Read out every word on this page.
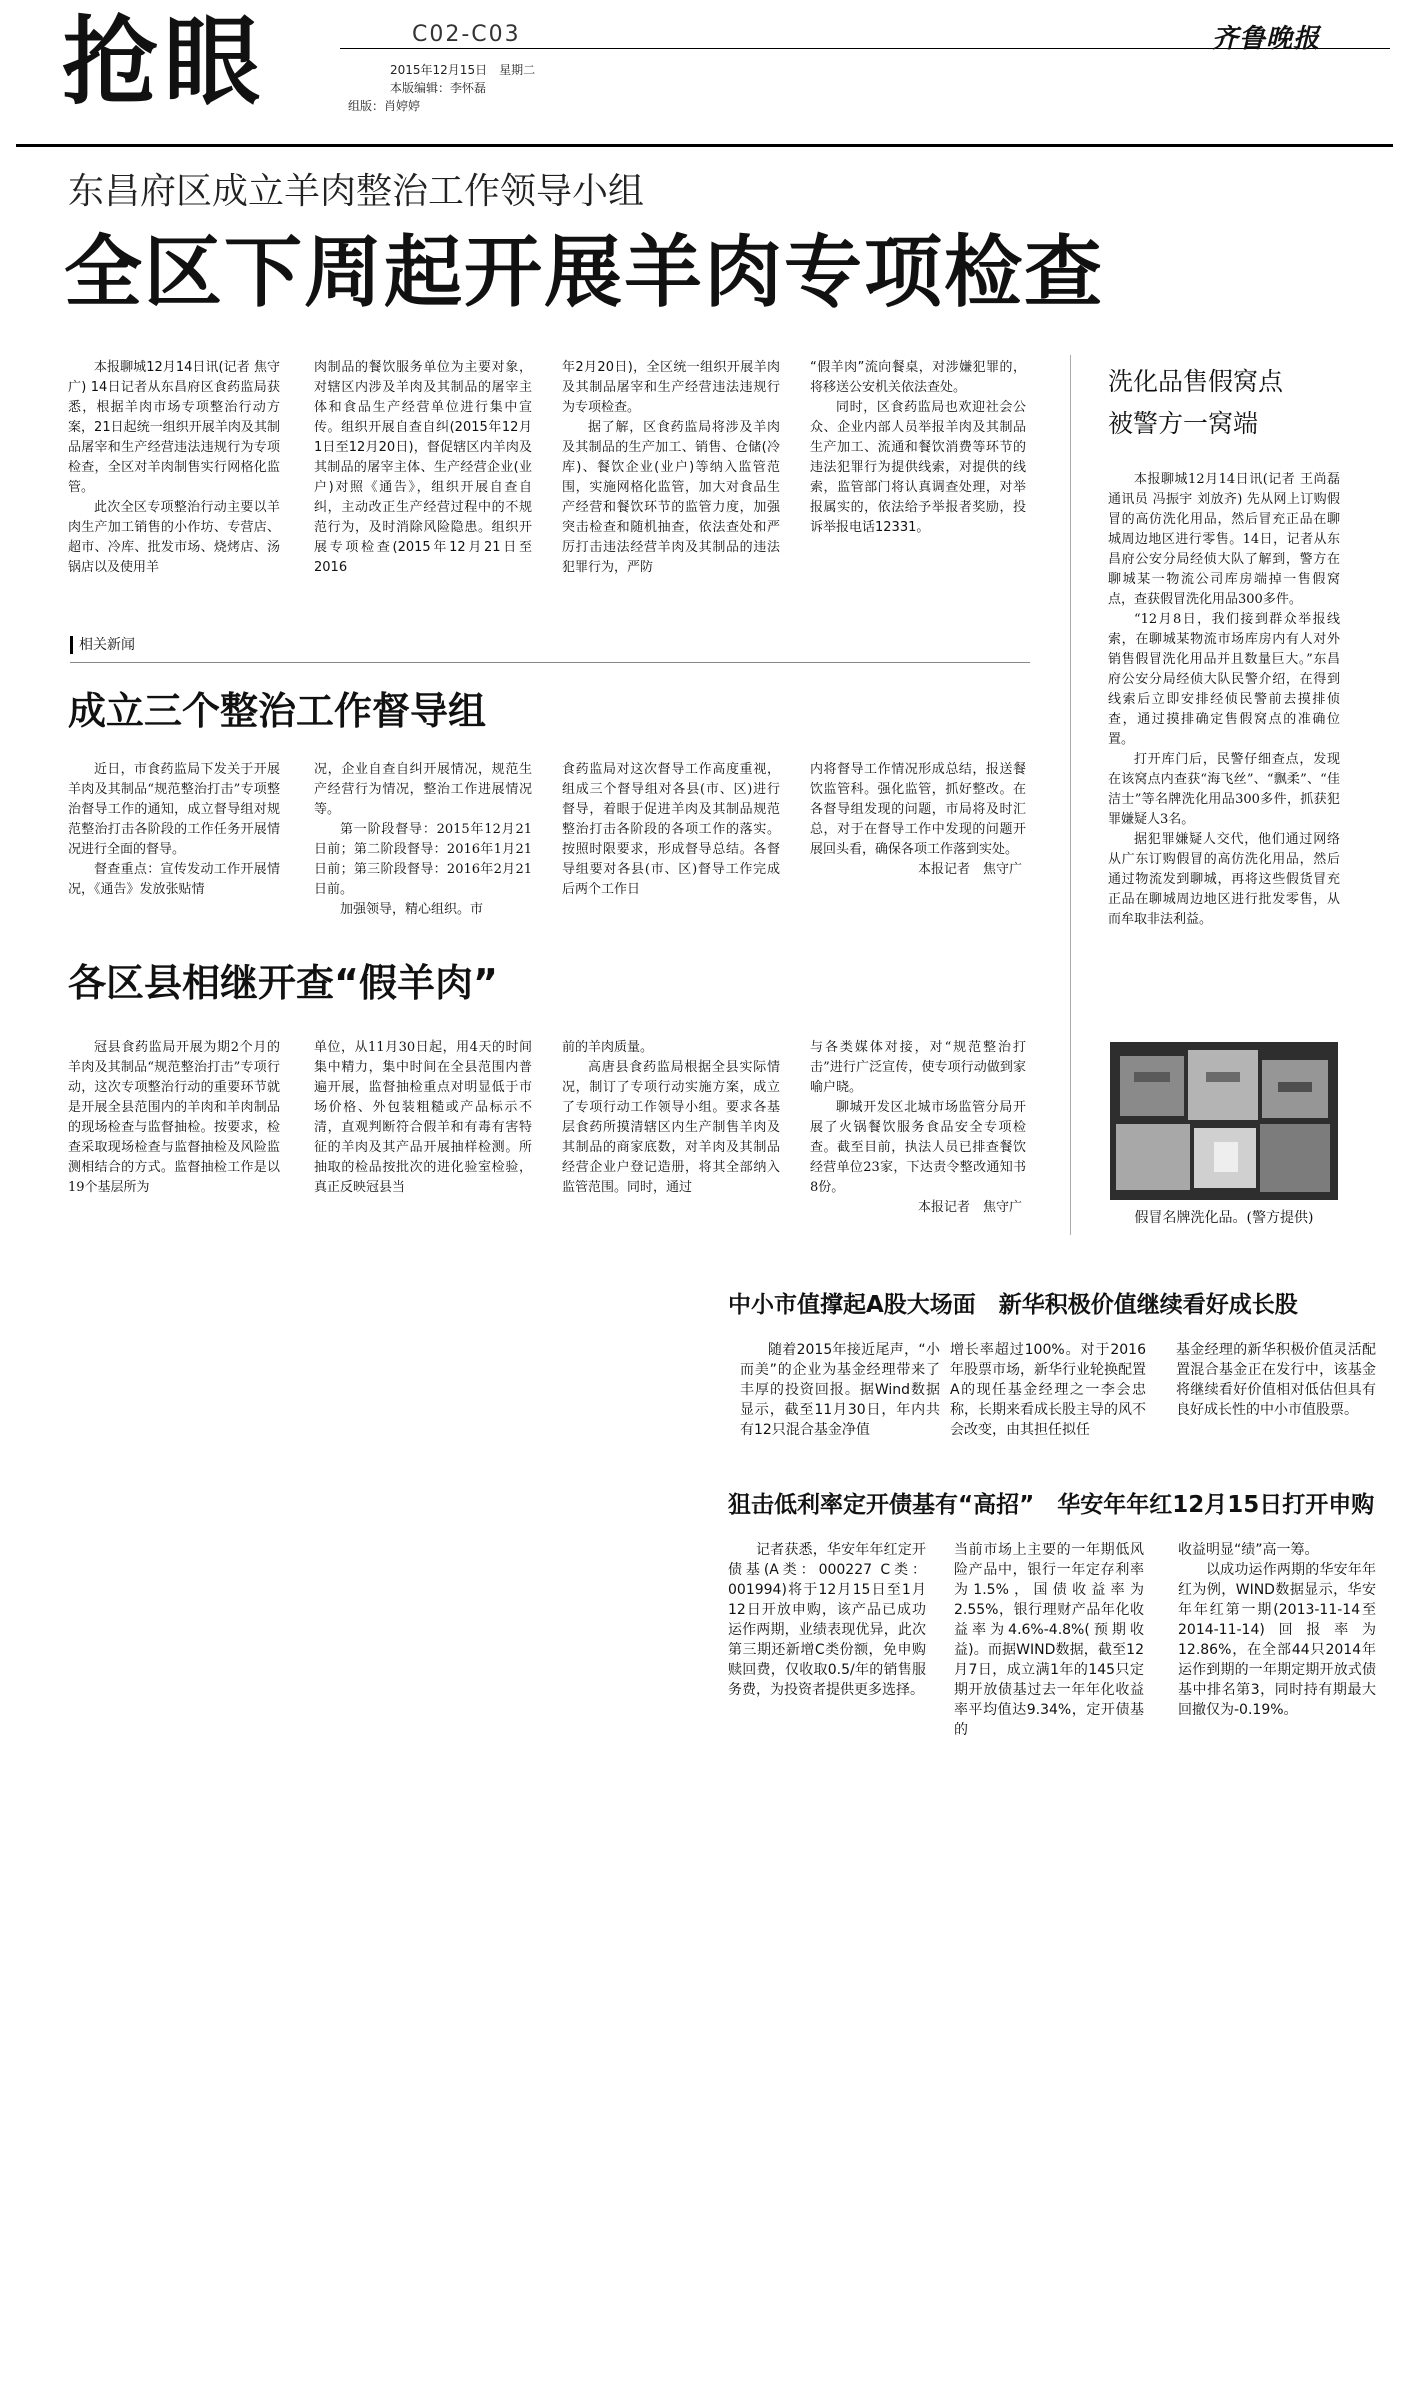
抢眼	C02-C03
2015年12月15日　星期二
本版编辑：李怀磊
组版：肖婷婷
齐鲁晚报
东昌府区成立羊肉整治工作领导小组
全区下周起开展羊肉专项检查

本报聊城12月14日讯(记者 焦守广) 14日记者从东昌府区食药监局获悉，根据羊肉市场专项整治行动方案，21日起统一组织开展羊肉及其制品屠宰和生产经营违法违规行为专项检查，全区对羊肉制售实行网格化监管。

此次全区专项整治行动主要以羊肉生产加工销售的小作坊、专营店、超市、冷库、批发市场、烧烤店、汤锅店以及使用羊

肉制品的餐饮服务单位为主要对象，对辖区内涉及羊肉及其制品的屠宰主体和食品生产经营单位进行集中宣传。组织开展自查自纠(2015年12月1日至12月20日)，督促辖区内羊肉及其制品的屠宰主体、生产经营企业(业户)对照《通告》，组织开展自查自纠，主动改正生产经营过程中的不规范行为，及时消除风险隐患。组织开展专项检查(2015年12月21日至2016

年2月20日)，全区统一组织开展羊肉及其制品屠宰和生产经营违法违规行为专项检查。

据了解，区食药监局将涉及羊肉及其制品的生产加工、销售、仓储(冷库)、餐饮企业(业户)等纳入监管范围，实施网格化监管，加大对食品生产经营和餐饮环节的监管力度，加强突击检查和随机抽查，依法查处和严厉打击违法经营羊肉及其制品的违法犯罪行为，严防

“假羊肉”流向餐桌，对涉嫌犯罪的，将移送公安机关依法查处。

同时，区食药监局也欢迎社会公众、企业内部人员举报羊肉及其制品生产加工、流通和餐饮消费等环节的违法犯罪行为提供线索，对提供的线索，监管部门将认真调查处理，对举报属实的，依法给予举报者奖励，投诉举报电话12331。

相关新闻
成立三个整治工作督导组

近日，市食药监局下发关于开展羊肉及其制品“规范整治打击”专项整治督导工作的通知，成立督导组对规范整治打击各阶段的工作任务开展情况进行全面的督导。

督查重点：宣传发动工作开展情况，《通告》发放张贴情

况，企业自查自纠开展情况，规范生产经营行为情况，整治工作进展情况等。

第一阶段督导：2015年12月21日前；第二阶段督导：2016年1月21日前；第三阶段督导：2016年2月21日前。

加强领导，精心组织。市

食药监局对这次督导工作高度重视，组成三个督导组对各县(市、区)进行督导，着眼于促进羊肉及其制品规范整治打击各阶段的各项工作的落实。按照时限要求，形成督导总结。各督导组要对各县(市、区)督导工作完成后两个工作日

内将督导工作情况形成总结，报送餐饮监管科。强化监管，抓好整改。在各督导组发现的问题，市局将及时汇总，对于在督导工作中发现的问题开展回头看，确保各项工作落到实处。

本报记者　焦守广

各区县相继开查“假羊肉”

冠县食药监局开展为期2个月的羊肉及其制品“规范整治打击”专项行动，这次专项整治行动的重要环节就是开展全县范围内的羊肉和羊肉制品的现场检查与监督抽检。按要求，检查采取现场检查与监督抽检及风险监测相结合的方式。监督抽检工作是以19个基层所为

单位，从11月30日起，用4天的时间集中精力，集中时间在全县范围内普遍开展，监督抽检重点对明显低于市场价格、外包装粗糙或产品标示不清，直观判断符合假羊和有毒有害特征的羊肉及其产品开展抽样检测。所抽取的检品按批次的进化验室检验，真正反映冠县当

前的羊肉质量。

高唐县食药监局根据全县实际情况，制订了专项行动实施方案，成立了专项行动工作领导小组。要求各基层食药所摸清辖区内生产制售羊肉及其制品的商家底数，对羊肉及其制品经营企业户登记造册，将其全部纳入监管范围。同时，通过

与各类媒体对接，对“规范整治打击”进行广泛宣传，使专项行动做到家喻户晓。

聊城开发区北城市场监管分局开展了火锅餐饮服务食品安全专项检查。截至目前，执法人员已排查餐饮经营单位23家，下达责令整改通知书8份。

本报记者　焦守广

洗化品售假窝点
被警方一窝端

本报聊城12月14日讯(记者 王尚磊 通讯员 冯振宇 刘放齐) 先从网上订购假冒的高仿洗化用品，然后冒充正品在聊城周边地区进行零售。14日，记者从东昌府公安分局经侦大队了解到，警方在聊城某一物流公司库房端掉一售假窝点，查获假冒洗化用品300多件。

“12月8日，我们接到群众举报线索，在聊城某物流市场库房内有人对外销售假冒洗化用品并且数量巨大。”东昌府公安分局经侦大队民警介绍，在得到线索后立即安排经侦民警前去摸排侦查，通过摸排确定售假窝点的准确位置。

打开库门后，民警仔细查点，发现在该窝点内查获“海飞丝”、“飘柔”、“佳洁士”等名牌洗化用品300多件，抓获犯罪嫌疑人3名。

据犯罪嫌疑人交代，他们通过网络从广东订购假冒的高仿洗化用品，然后通过物流发到聊城，再将这些假货冒充正品在聊城周边地区进行批发零售，从而牟取非法利益。

假冒名牌洗化品。(警方提供)
中小市值撑起A股大场面　新华积极价值继续看好成长股

随着2015年接近尾声，“小而美”的企业为基金经理带来了丰厚的投资回报。据Wind数据显示，截至11月30日，年内共有12只混合基金净值

增长率超过100%。对于2016年股票市场，新华行业轮换配置A的现任基金经理之一李会忠称，长期来看成长股主导的风不会改变，由其担任拟任

基金经理的新华积极价值灵活配置混合基金正在发行中，该基金将继续看好价值相对低估但具有良好成长性的中小市值股票。

狙击低利率定开债基有“高招”　华安年年红12月15日打开申购

记者获悉，华安年年红定开债基(A类：000227 C类：001994)将于12月15日至1月12日开放申购，该产品已成功运作两期，业绩表现优异，此次第三期还新增C类份额，免申购赎回费，仅收取0.5/年的销售服务费，为投资者提供更多选择。

当前市场上主要的一年期低风险产品中，银行一年定存利率为1.5%，国债收益率为2.55%，银行理财产品年化收益率为4.6%-4.8%(预期收益)。而据WIND数据，截至12月7日，成立满1年的145只定期开放债基过去一年年化收益率平均值达9.34%，定开债基的

收益明显“绩”高一筹。

以成功运作两期的华安年年红为例，WIND数据显示，华安年年红第一期(2013-11-14至2014-11-14)回报率为12.86%，在全部44只2014年运作到期的一年期定期开放式债基中排名第3，同时持有期最大回撤仅为-0.19%。
